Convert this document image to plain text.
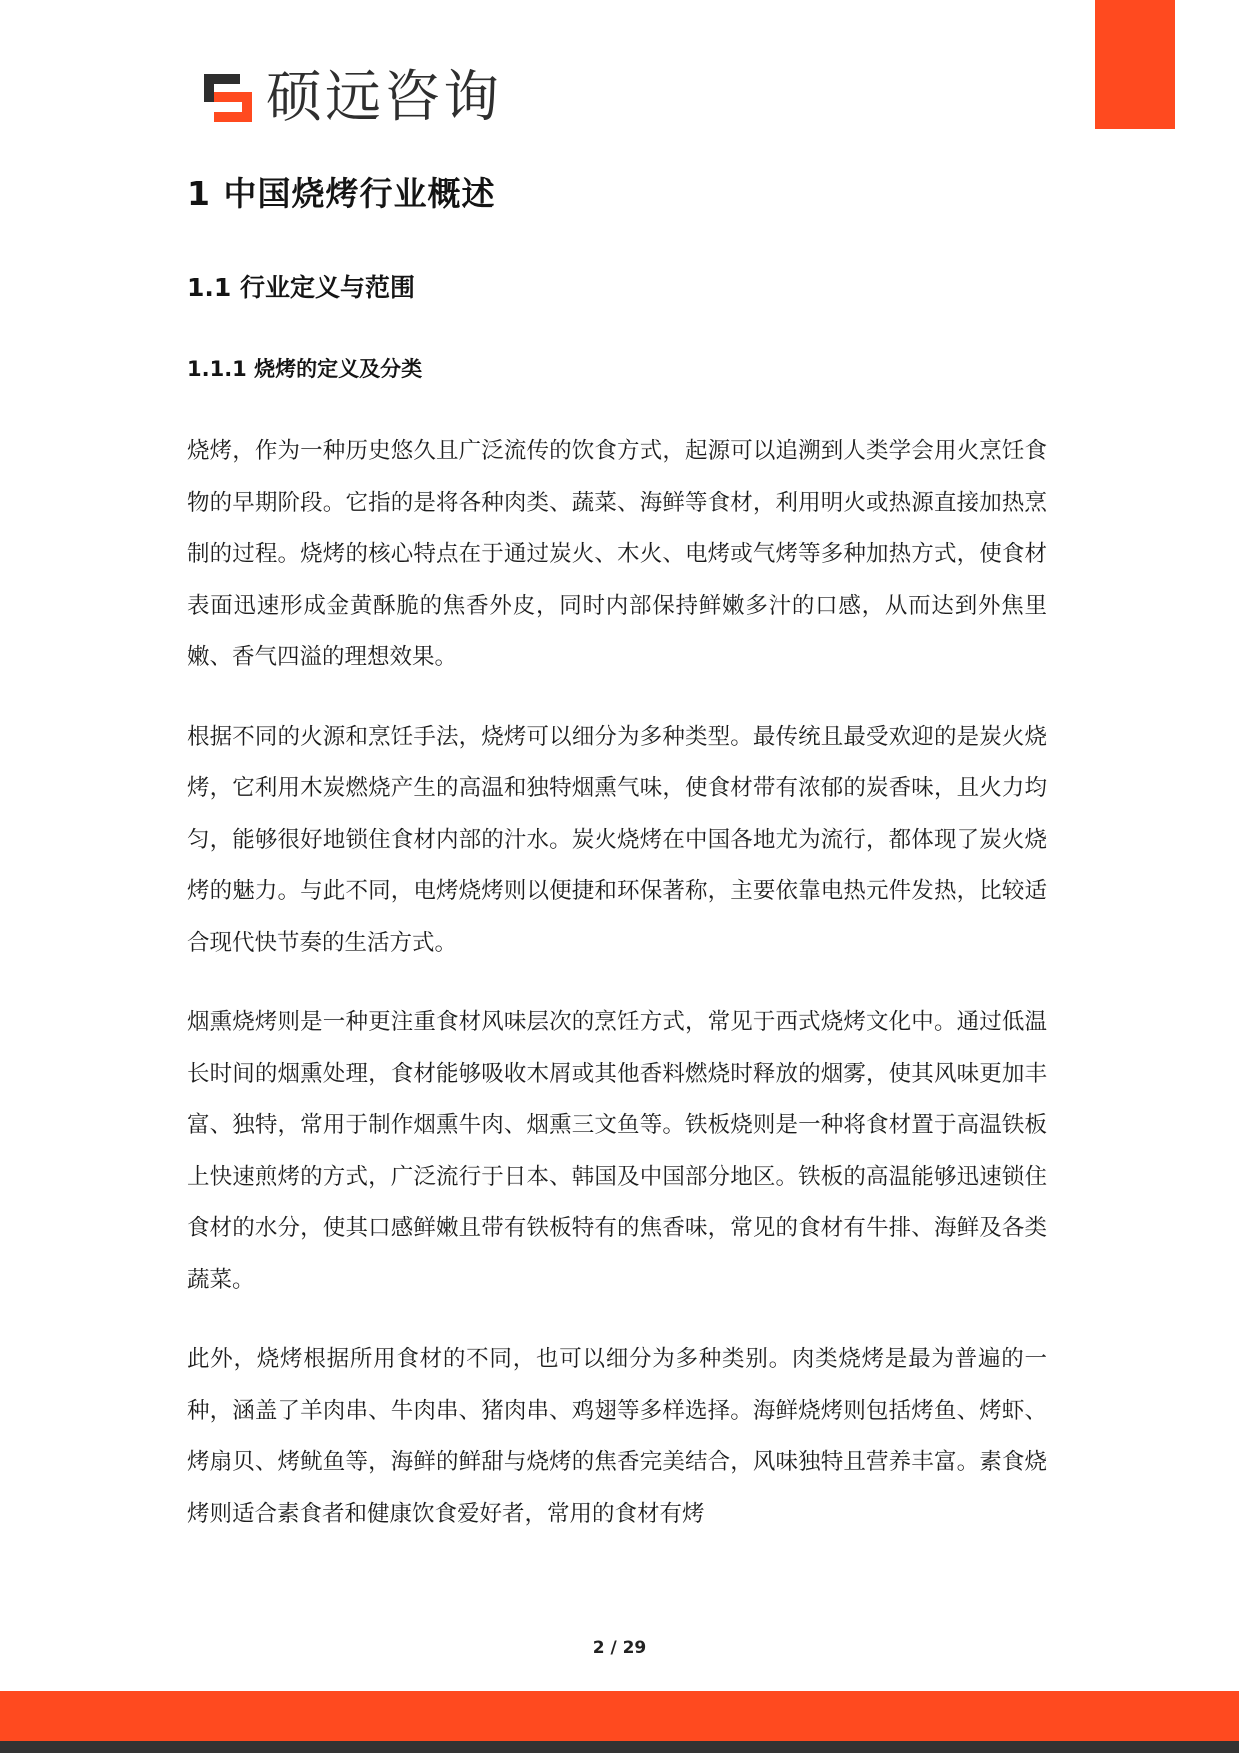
硕远咨询
1 中国烧烤行业概述
1.1 行业定义与范围
1.1.1 烧烤的定义及分类

烧烤，作为一种历史悠久且广泛流传的饮食方式，起源可以追溯到人类学会用火烹饪食物的早期阶段。它指的是将各种肉类、蔬菜、海鲜等食材，利用明火或热源直接加热烹制的过程。烧烤的核心特点在于通过炭火、木火、电烤或气烤等多种加热方式，使食材表面迅速形成金黄酥脆的焦香外皮，同时内部保持鲜嫩多汁的口感，从而达到外焦里嫩、香气四溢的理想效果。

根据不同的火源和烹饪手法，烧烤可以细分为多种类型。最传统且最受欢迎的是炭火烧烤，它利用木炭燃烧产生的高温和独特烟熏气味，使食材带有浓郁的炭香味，且火力均匀，能够很好地锁住食材内部的汁水。炭火烧烤在中国各地尤为流行，都体现了炭火烧烤的魅力。与此不同，电烤烧烤则以便捷和环保著称，主要依靠电热元件发热，比较适合现代快节奏的生活方式。

烟熏烧烤则是一种更注重食材风味层次的烹饪方式，常见于西式烧烤文化中。通过低温长时间的烟熏处理，食材能够吸收木屑或其他香料燃烧时释放的烟雾，使其风味更加丰富、独特，常用于制作烟熏牛肉、烟熏三文鱼等。铁板烧则是一种将食材置于高温铁板上快速煎烤的方式，广泛流行于日本、韩国及中国部分地区。铁板的高温能够迅速锁住食材的水分，使其口感鲜嫩且带有铁板特有的焦香味，常见的食材有牛排、海鲜及各类蔬菜。

此外，烧烤根据所用食材的不同，也可以细分为多种类别。肉类烧烤是最为普遍的一种，涵盖了羊肉串、牛肉串、猪肉串、鸡翅等多样选择。海鲜烧烤则包括烤鱼、烤虾、烤扇贝、烤鱿鱼等，海鲜的鲜甜与烧烤的焦香完美结合，风味独特且营养丰富。素食烧烤则适合素食者和健康饮食爱好者，常用的食材有烤

2 / 29
